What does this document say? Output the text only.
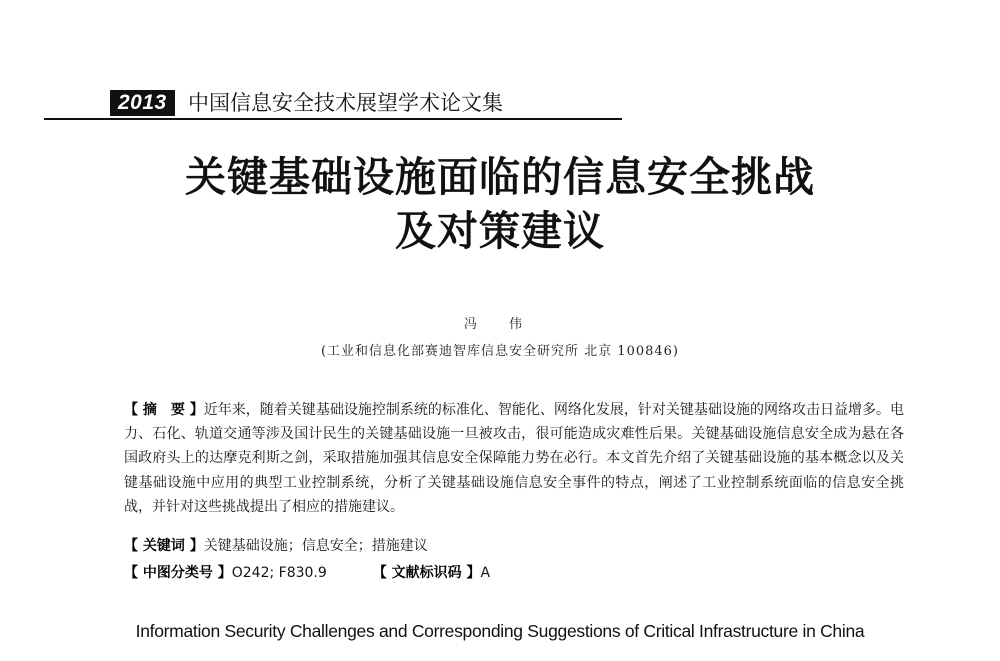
2013	中国信息安全技术展望学术论文集
关键基础设施面临的信息安全挑战
及对策建议
冯 伟
(工业和信息化部赛迪智库信息安全研究所 北京 100846)
【 摘　要 】近年来，随着关键基础设施控制系统的标准化、智能化、网络化发展，针对关键基础设施的网络攻击日益增多。电力、石化、轨道交通等涉及国计民生的关键基础设施一旦被攻击，很可能造成灾难性后果。关键基础设施信息安全成为悬在各国政府头上的达摩克利斯之剑，采取措施加强其信息安全保障能力势在必行。本文首先介绍了关键基础设施的基本概念以及关键基础设施中应用的典型工业控制系统，分析了关键基础设施信息安全事件的特点，阐述了工业控制系统面临的信息安全挑战，并针对这些挑战提出了相应的措施建议。
【 关键词 】关键基础设施；信息安全；措施建议
【 中图分类号 】O242; F830.9	【 文献标识码 】A
Information Security Challenges and Corresponding Suggestions of Critical Infrastructure in China
